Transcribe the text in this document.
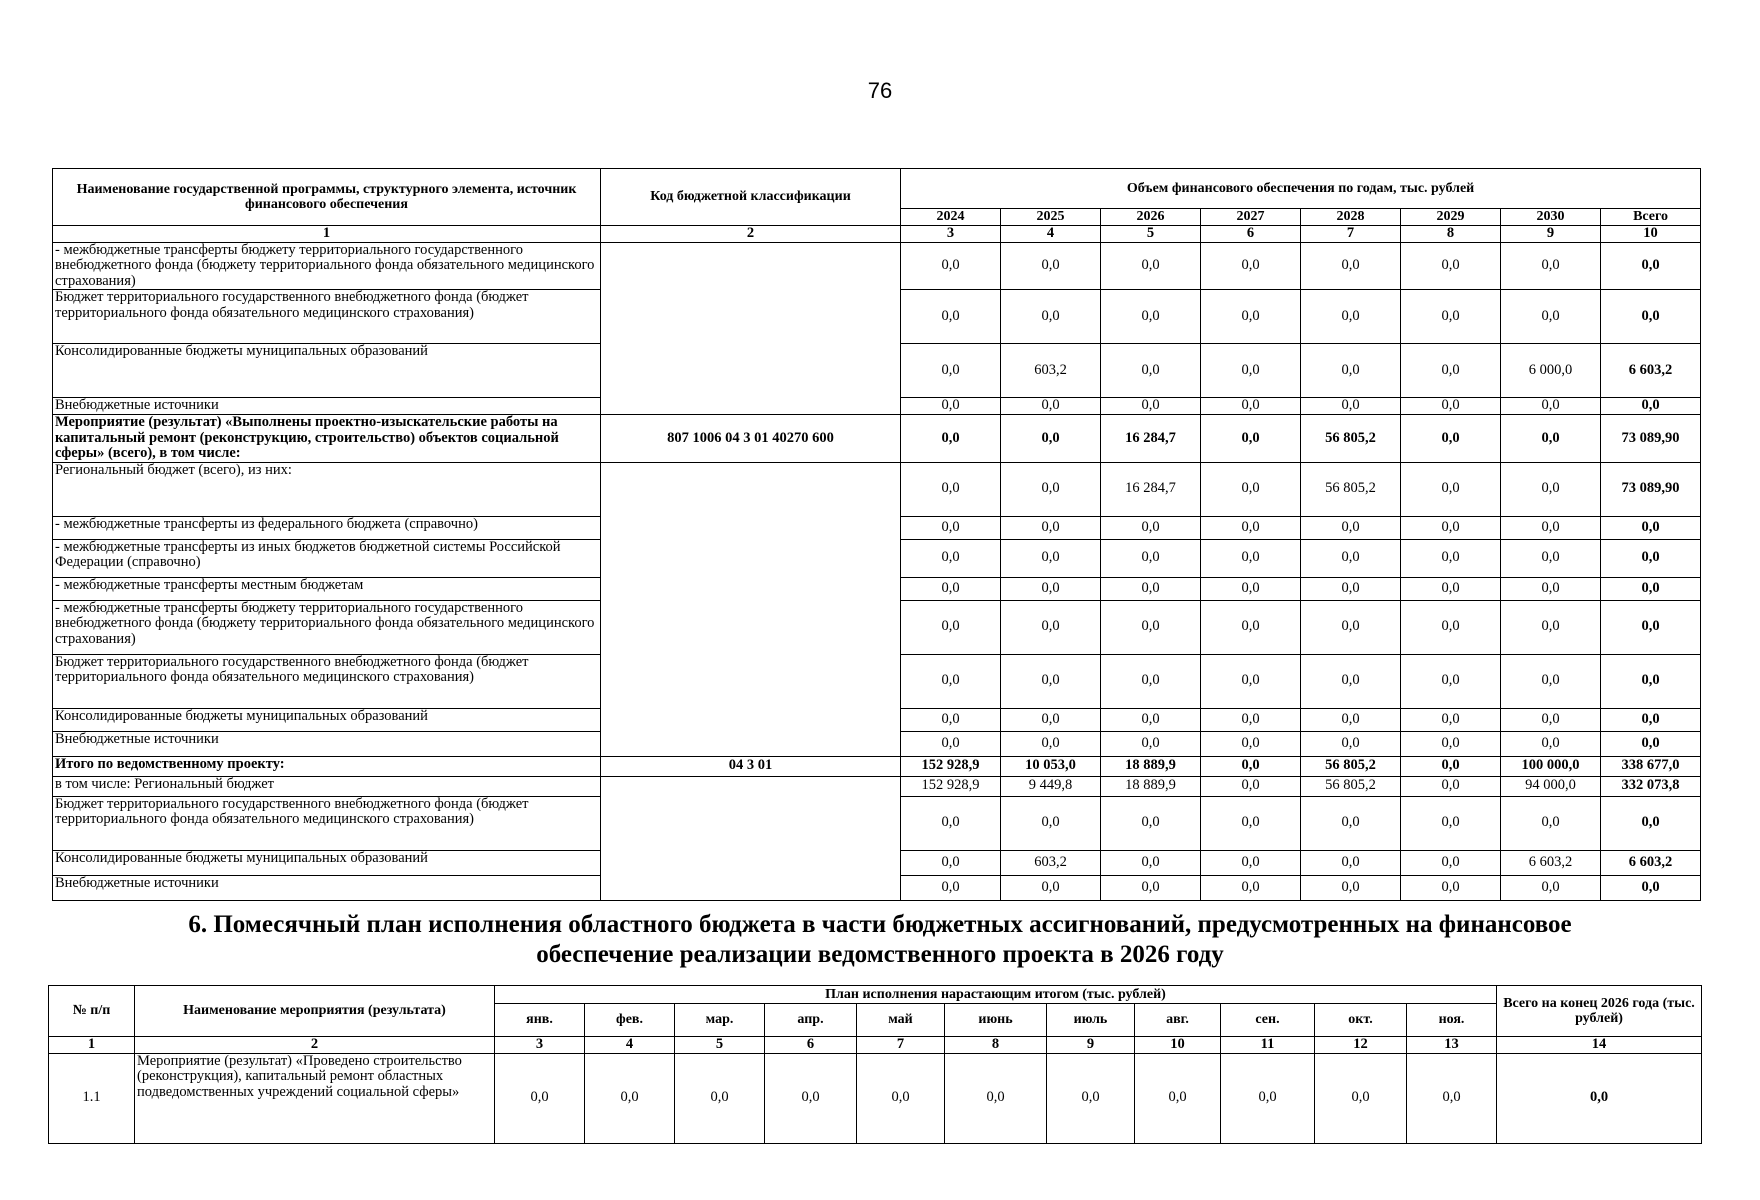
76
Наименование государственной программы, структурного элемента, источник финансового обеспечения	Код бюджетной классификации	Объем финансового обеспечения по годам, тыс. рублей							
		2024	2025	2026	2027	2028	2029	2030	Всего
1	2	3	4	5	6	7	8	9	10
- межбюджетные трансферты бюджету территориального государственного внебюджетного фонда (бюджету территориального фонда обязательного медицинского страхования)		0,0	0,0	0,0	0,0	0,0	0,0	0,0	0,0
Бюджет территориального государственного внебюджетного фонда (бюджет территориального фонда обязательного медицинского страхования)		0,0	0,0	0,0	0,0	0,0	0,0	0,0	0,0
Консолидированные бюджеты муниципальных образований		0,0	603,2	0,0	0,0	0,0	0,0	6 000,0	6 603,2
Внебюджетные источники		0,0	0,0	0,0	0,0	0,0	0,0	0,0	0,0
Мероприятие (результат) «Выполнены проектно-изыскательские работы на капитальный ремонт (реконструкцию, строительство) объектов социальной сферы» (всего), в том числе:	807 1006 04 3 01 40270 600	0,0	0,0	16 284,7	0,0	56 805,2	0,0	0,0	73 089,90
Региональный бюджет (всего), из них:		0,0	0,0	16 284,7	0,0	56 805,2	0,0	0,0	73 089,90
- межбюджетные трансферты из федерального бюджета (справочно)		0,0	0,0	0,0	0,0	0,0	0,0	0,0	0,0
- межбюджетные трансферты из иных бюджетов бюджетной системы Российской Федерации (справочно)		0,0	0,0	0,0	0,0	0,0	0,0	0,0	0,0
- межбюджетные трансферты местным бюджетам		0,0	0,0	0,0	0,0	0,0	0,0	0,0	0,0
- межбюджетные трансферты бюджету территориального государственного внебюджетного фонда (бюджету территориального фонда обязательного медицинского страхования)		0,0	0,0	0,0	0,0	0,0	0,0	0,0	0,0
Бюджет территориального государственного внебюджетного фонда (бюджет территориального фонда обязательного медицинского страхования)		0,0	0,0	0,0	0,0	0,0	0,0	0,0	0,0
Консолидированные бюджеты муниципальных образований		0,0	0,0	0,0	0,0	0,0	0,0	0,0	0,0
Внебюджетные источники		0,0	0,0	0,0	0,0	0,0	0,0	0,0	0,0
Итого по ведомственному проекту:	04 3 01	152 928,9	10 053,0	18 889,9	0,0	56 805,2	0,0	100 000,0	338 677,0
в том числе: Региональный бюджет		152 928,9	9 449,8	18 889,9	0,0	56 805,2	0,0	94 000,0	332 073,8
Бюджет территориального государственного внебюджетного фонда (бюджет территориального фонда обязательного медицинского страхования)		0,0	0,0	0,0	0,0	0,0	0,0	0,0	0,0
Консолидированные бюджеты муниципальных образований		0,0	603,2	0,0	0,0	0,0	0,0	6 603,2	6 603,2
Внебюджетные источники		0,0	0,0	0,0	0,0	0,0	0,0	0,0	0,0
6. Помесячный план исполнения областного бюджета в части бюджетных ассигнований, предусмотренных на финансовое
обеспечение реализации ведомственного проекта в 2026 году
№ п/п	Наименование мероприятия (результата)	План исполнения нарастающим итогом (тыс. рублей)											Всего на конец 2026 года (тыс. рублей)
		янв.	фев.	мар.	апр.	май	июнь	июль	авг.	сен.	окт.	ноя.	
1	2	3	4	5	6	7	8	9	10	11	12	13	14
1.1	Мероприятие (результат) «Проведено строительство (реконструкция), капитальный ремонт областных подведомственных учреждений социальной сферы»	0,0	0,0	0,0	0,0	0,0	0,0	0,0	0,0	0,0	0,0	0,0	0,0
